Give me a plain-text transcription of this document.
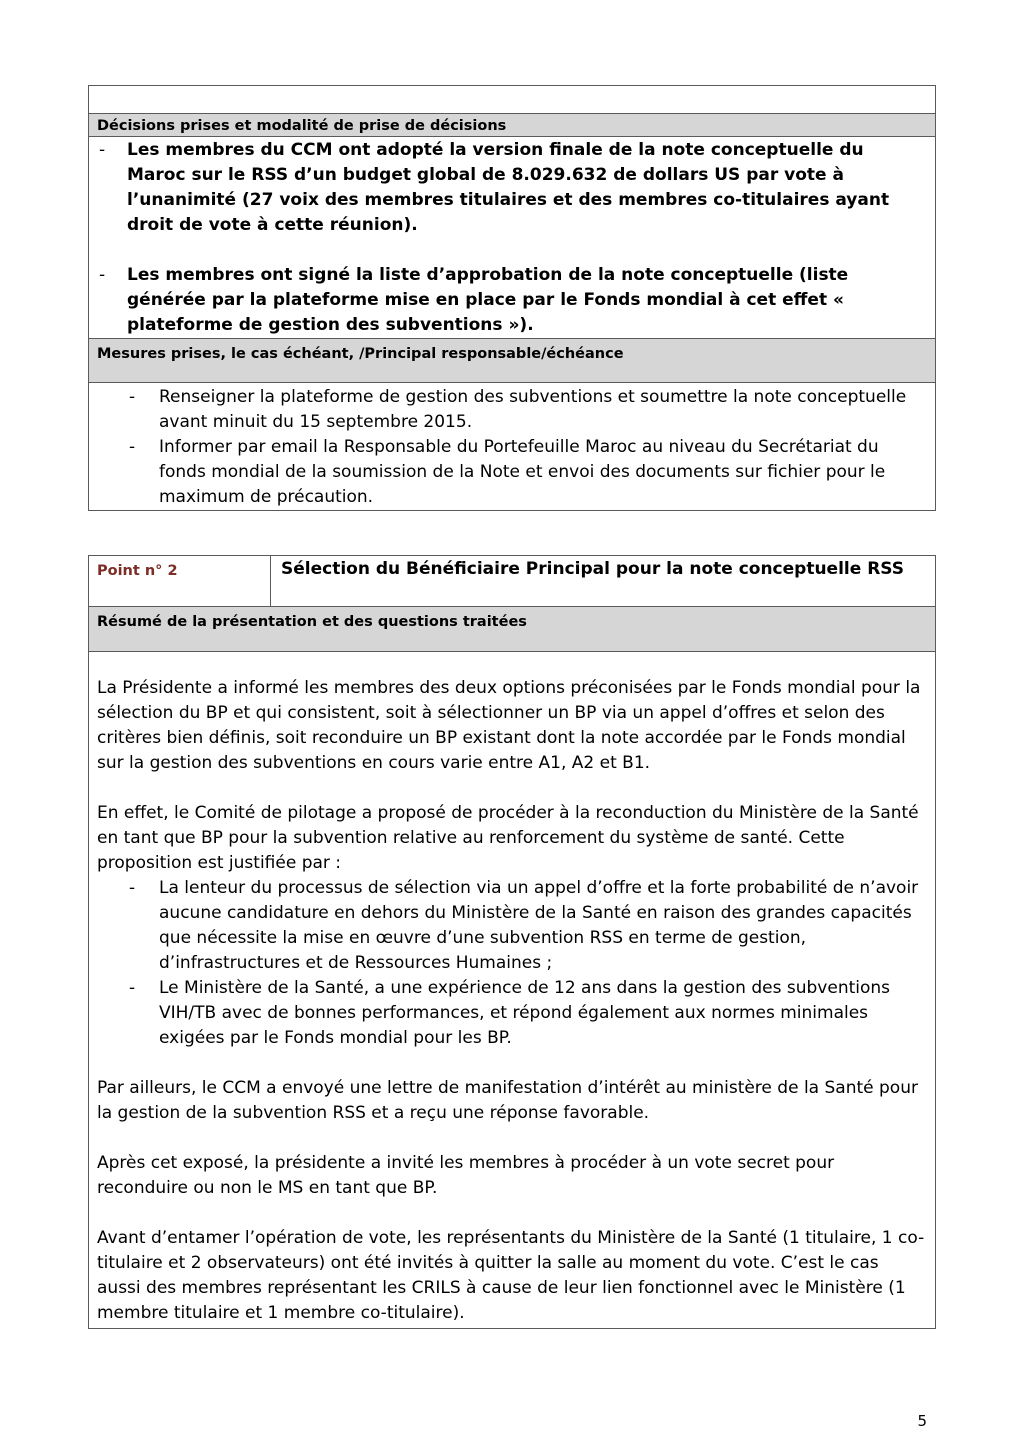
Décisions prises et modalité de prise de décisions
- Les membres du CCM ont adopté la version finale de la note conceptuelle du Maroc sur le RSS d’un budget global de 8.029.632 de dollars US par vote à l’unanimité (27 voix des membres titulaires et des membres co-titulaires ayant droit de vote à cette réunion).
- Les membres ont signé la liste d’approbation de la note conceptuelle (liste générée par la plateforme mise en place par le Fonds mondial à cet effet « plateforme de gestion des subventions »).
Mesures prises, le cas échéant, /Principal responsable/échéance
- Renseigner la plateforme de gestion des subventions et soumettre la note conceptuelle avant minuit du 15 septembre 2015.
- Informer par email la Responsable du Portefeuille Maroc au niveau du Secrétariat du fonds mondial de la soumission de la Note et envoi des documents sur fichier pour le maximum de précaution.
Point n° 2	Sélection du Bénéficiaire Principal pour la note conceptuelle RSS
Résumé de la présentation et des questions traitées

La Présidente a informé les membres des deux options préconisées par le Fonds mondial pour la sélection du BP et qui consistent, soit à sélectionner un BP via un appel d’offres et selon des critères bien définis, soit reconduire un BP existant dont la note accordée par le Fonds mondial sur la gestion des subventions en cours varie entre A1, A2 et B1.

En effet, le Comité de pilotage a proposé de procéder à la reconduction du Ministère de la Santé en tant que BP pour la subvention relative au renforcement du système de santé. Cette proposition est justifiée par :

- La lenteur du processus de sélection via un appel d’offre et la forte probabilité de n’avoir aucune candidature en dehors du Ministère de la Santé en raison des grandes capacités que nécessite la mise en œuvre d’une subvention RSS en terme de gestion, d’infrastructures et de Ressources Humaines ;
- Le Ministère de la Santé, a une expérience de 12 ans dans la gestion des subventions VIH/TB avec de bonnes performances, et répond également aux normes minimales exigées par le Fonds mondial pour les BP.

Par ailleurs, le CCM a envoyé une lettre de manifestation d’intérêt au ministère de la Santé pour la gestion de la subvention RSS et a reçu une réponse favorable.

Après cet exposé, la présidente a invité les membres à procéder à un vote secret pour reconduire ou non le MS en tant que BP.

Avant d’entamer l’opération de vote, les représentants du Ministère de la Santé (1 titulaire, 1 co-titulaire et 2 observateurs) ont été invités à quitter la salle au moment du vote. C’est le cas aussi des membres représentant les CRILS à cause de leur lien fonctionnel avec le Ministère (1 membre titulaire et 1 membre co-titulaire).

5
